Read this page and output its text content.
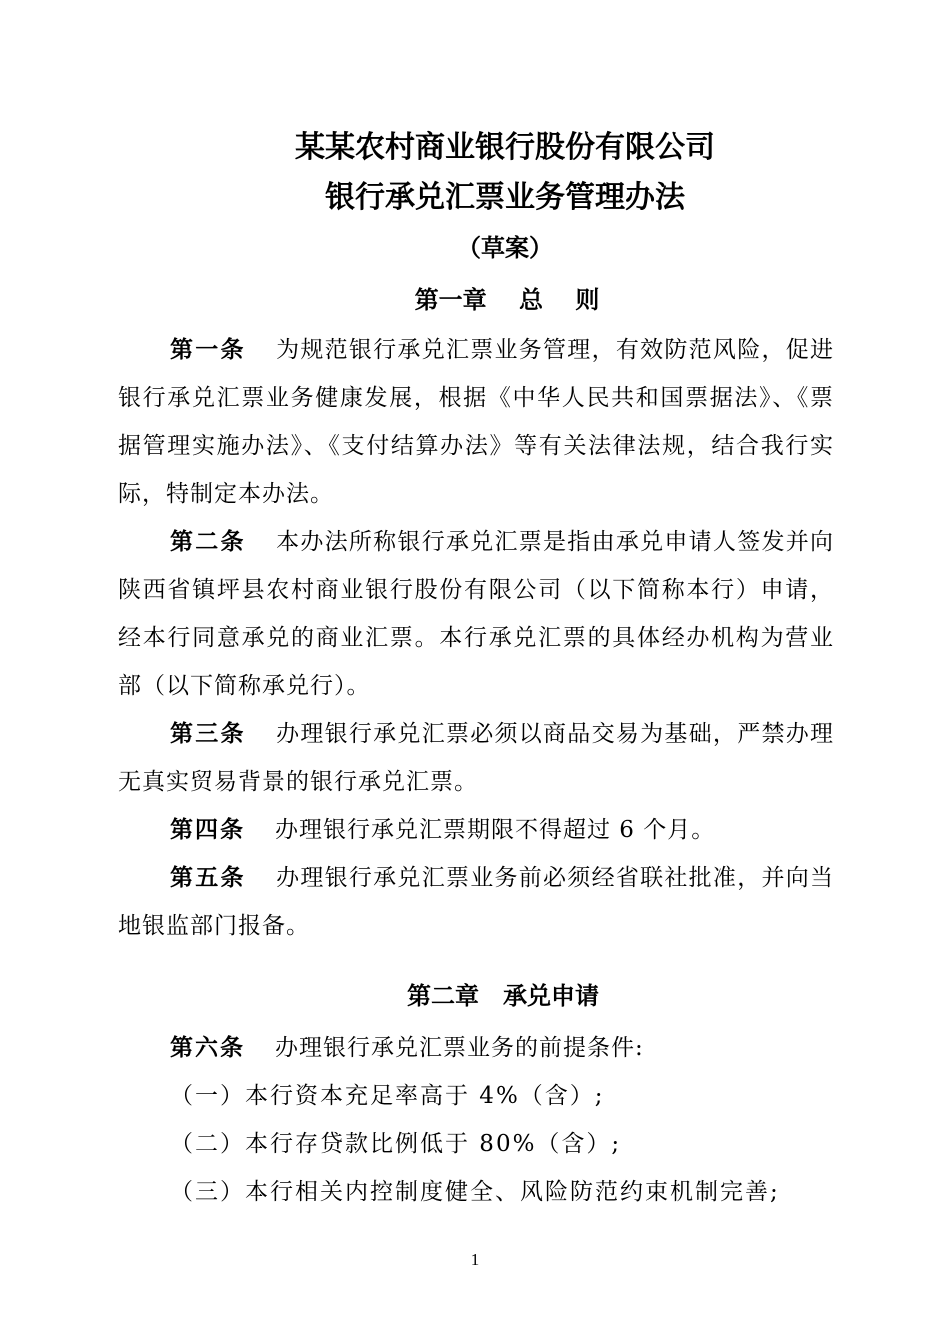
某某农村商业银行股份有限公司
银行承兑汇票业务管理办法
（草案）
第一章　 总　 则

第一条 为规范银行承兑汇票业务管理，有效防范风险，促进银行承兑汇票业务健康发展，根据《中华人民共和国票据法》、《票据管理实施办法》、《支付结算办法》等有关法律法规，结合我行实际，特制定本办法。

第二条 本办法所称银行承兑汇票是指由承兑申请人签发并向陕西省镇坪县农村商业银行股份有限公司（以下简称本行）申请，经本行同意承兑的商业汇票。本行承兑汇票的具体经办机构为营业部（以下简称承兑行）。

第三条 办理银行承兑汇票必须以商品交易为基础，严禁办理无真实贸易背景的银行承兑汇票。

第四条 办理银行承兑汇票期限不得超过 6 个月。

第五条 办理银行承兑汇票业务前必须经省联社批准，并向当地银监部门报备。

第二章　承兑申请

第六条 办理银行承兑汇票业务的前提条件:

（一）本行资本充足率高于 4%（含）;

（二）本行存贷款比例低于 80%（含）;

（三）本行相关内控制度健全、风险防范约束机制完善;

1
